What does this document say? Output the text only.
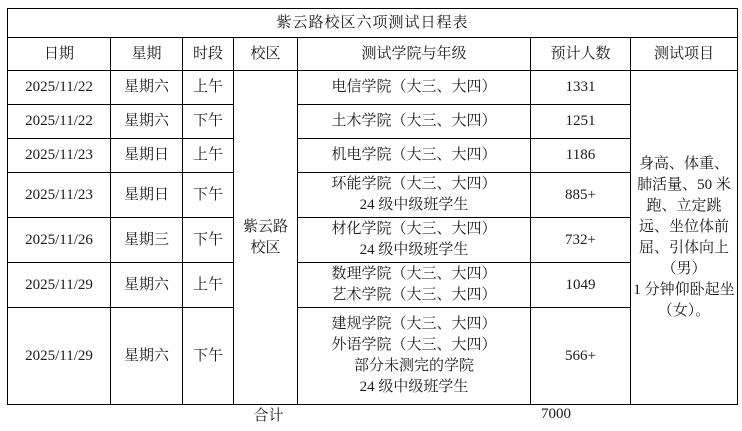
紫云路校区六项测试日程表						
日期	星期	时段	校区	测试学院与年级	预计人数	测试项目
2025/11/22	星期六	上午	紫云路校区	电信学院（大三、大四）	1331	身高、体重、肺活量、50 米跑、立定跳远、坐位体前屈、引体向上（男）
1 分钟仰卧起坐（女）。

2025/11/22	星期六	下午		土木学院（大三、大四）	1251	
2025/11/23	星期日	上午		机电学院（大三、大四）	1186	
2025/11/23	星期日	下午		环能学院（大三、大四）
24 级中级班学生	885+	
2025/11/26	星期三	下午		材化学院（大三、大四）
24 级中级班学生	732+	
2025/11/29	星期六	上午		数理学院（大三、大四）
艺术学院（大三、大四）	1049	
2025/11/29	星期六	下午		建规学院（大三、大四）
外语学院（大三、大四）
部分未测完的学院
24 级中级班学生	566+	
合计	7000
